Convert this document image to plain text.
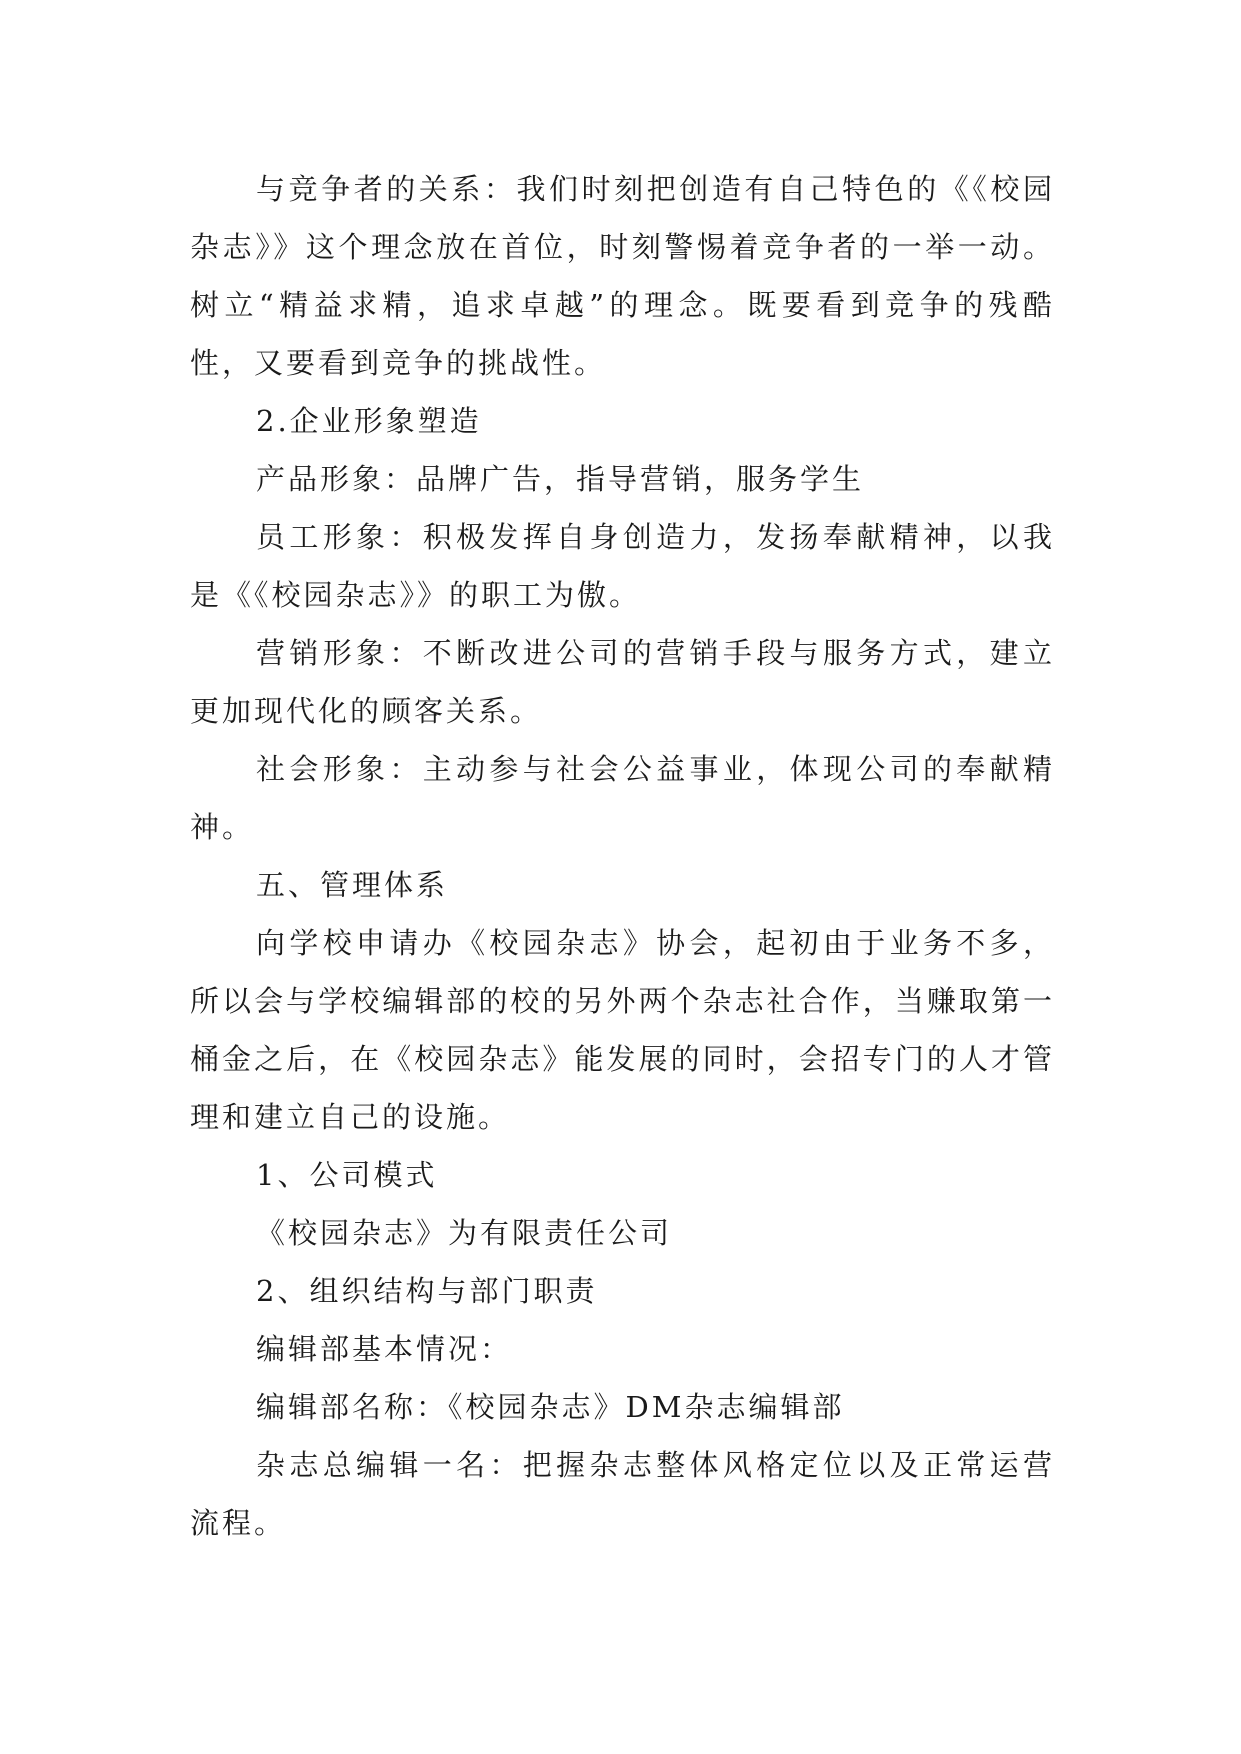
与竞争者的关系：我们时刻把创造有自己特色的《《校园杂志》》这个理念放在首位，时刻警惕着竞争者的一举一动。树立“精益求精，追求卓越”的理念。既要看到竞争的残酷性，又要看到竞争的挑战性。

2.企业形象塑造

产品形象：品牌广告，指导营销，服务学生

员工形象：积极发挥自身创造力，发扬奉献精神，以我是《《校园杂志》》的职工为傲。

营销形象：不断改进公司的营销手段与服务方式，建立更加现代化的顾客关系。

社会形象：主动参与社会公益事业，体现公司的奉献精神。

五、管理体系

向学校申请办《校园杂志》协会，起初由于业务不多，所以会与学校编辑部的校的另外两个杂志社合作，当赚取第一桶金之后，在《校园杂志》能发展的同时，会招专门的人才管理和建立自己的设施。

1、公司模式

《校园杂志》为有限责任公司

2、组织结构与部门职责

编辑部基本情况：

编辑部名称：《校园杂志》DM杂志编辑部

杂志总编辑一名：把握杂志整体风格定位以及正常运营流程。
